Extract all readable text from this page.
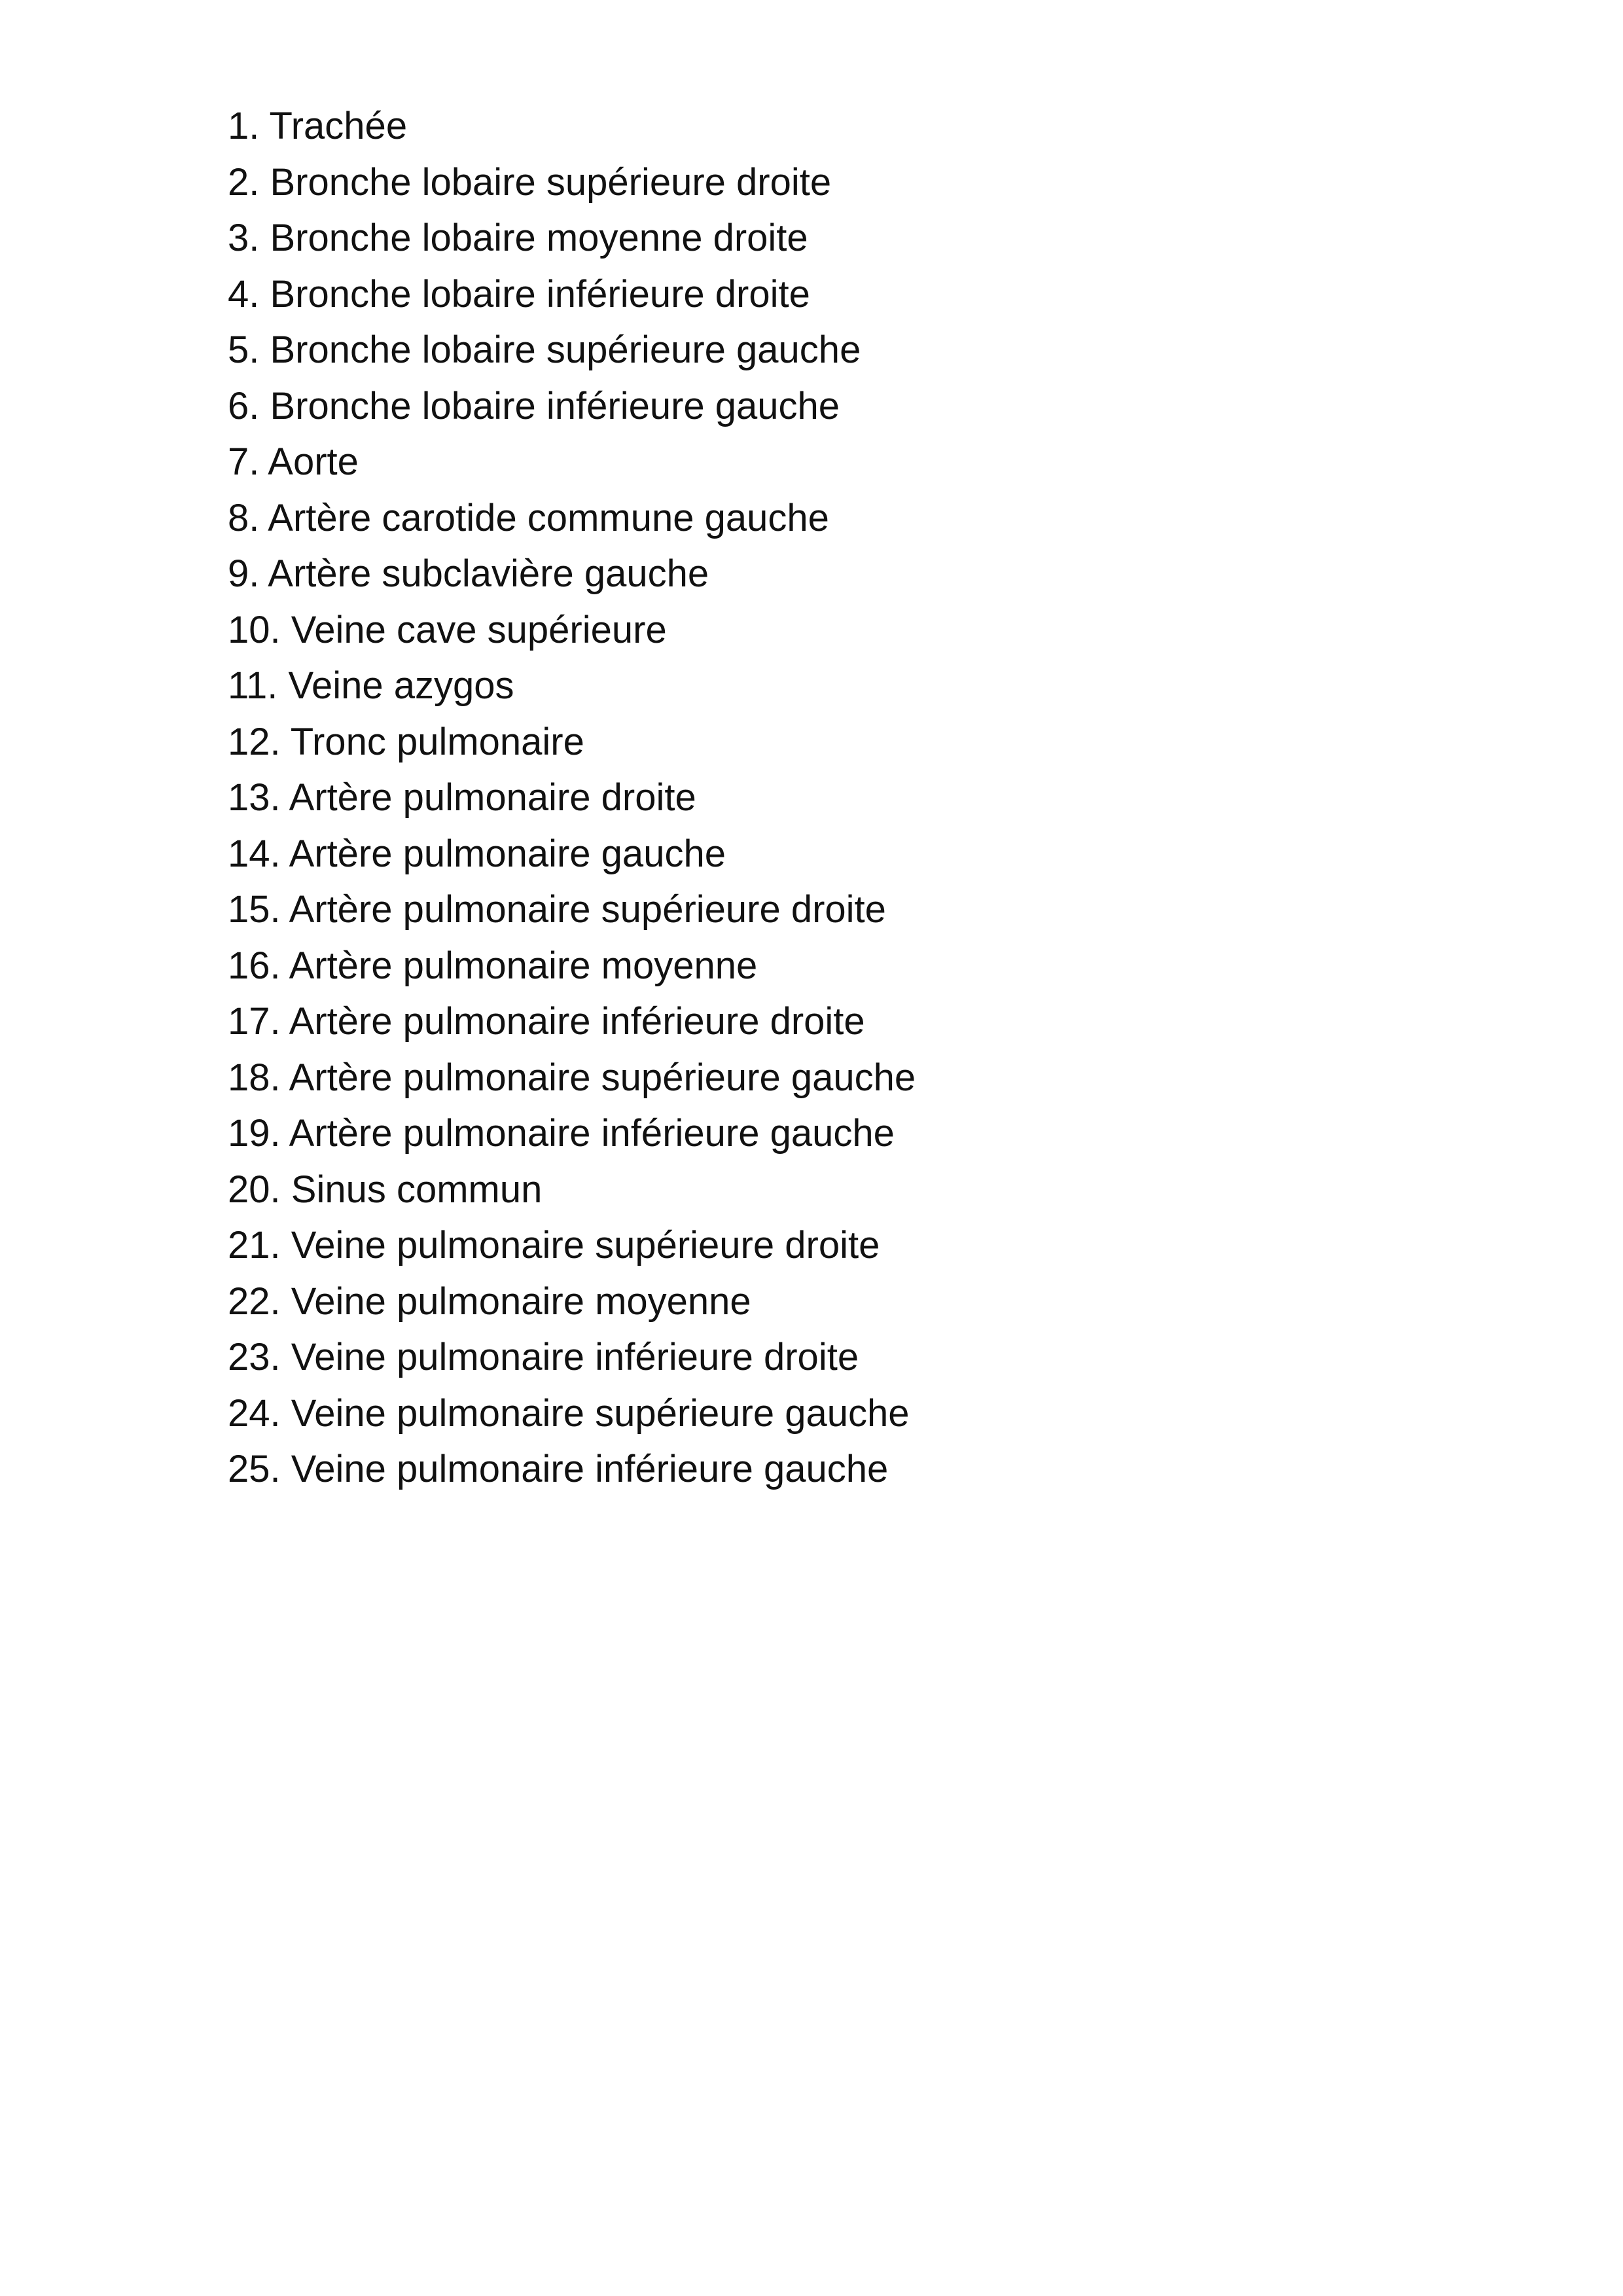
1. Trachée
2. Bronche lobaire supérieure droite
3. Bronche lobaire moyenne droite
4. Bronche lobaire inférieure droite
5. Bronche lobaire supérieure gauche
6. Bronche lobaire inférieure gauche
7. Aorte
8. Artère carotide commune gauche
9. Artère subclavière gauche
10. Veine cave supérieure
11. Veine azygos
12. Tronc pulmonaire
13. Artère pulmonaire droite
14. Artère pulmonaire gauche
15. Artère pulmonaire supérieure droite
16. Artère pulmonaire moyenne
17. Artère pulmonaire inférieure droite
18. Artère pulmonaire supérieure gauche
19. Artère pulmonaire inférieure gauche
20. Sinus commun
21. Veine pulmonaire supérieure droite
22. Veine pulmonaire moyenne
23. Veine pulmonaire inférieure droite
24. Veine pulmonaire supérieure gauche
25. Veine pulmonaire inférieure gauche
